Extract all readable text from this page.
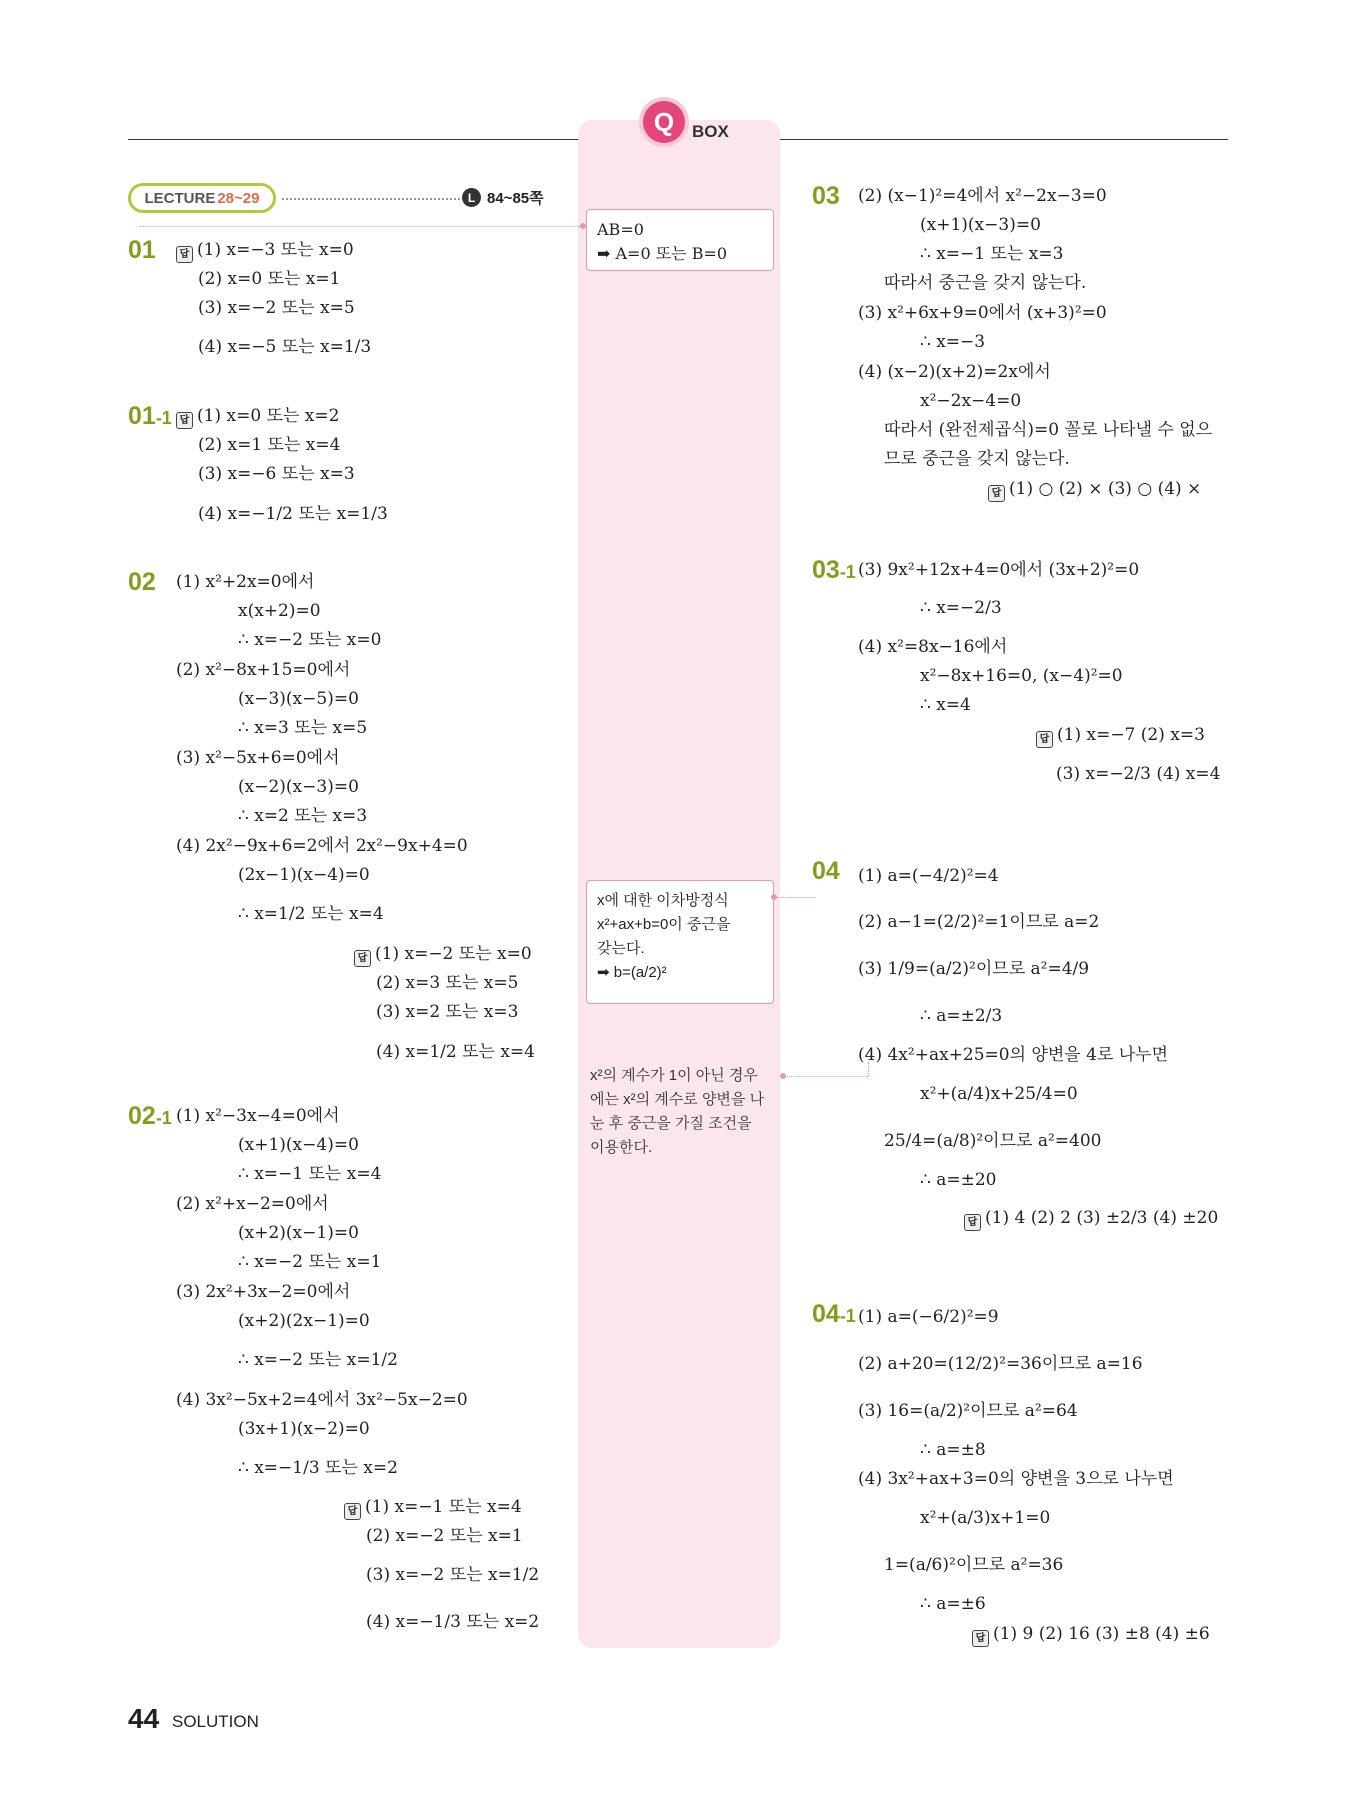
Q	BOX
LECTURE 28~29	L 84~85쪽
01	답 (1) x=−3 또는 x=0
(2) x=0 또는 x=1
(3) x=−2 또는 x=5
(4) x=−5 또는 x=1/3
01-1 답 (1) x=0 또는 x=2
(2) x=1 또는 x=4
(3) x=−6 또는 x=3
(4) x=−1/2 또는 x=1/3
02 (1) x²+2x=0에서
x(x+2)=0
∴ x=−2 또는 x=0
(2) x²−8x+15=0에서
(x−3)(x−5)=0
∴ x=3 또는 x=5
(3) x²−5x+6=0에서
(x−2)(x−3)=0
∴ x=2 또는 x=3
(4) 2x²−9x+6=2에서 2x²−9x+4=0
(2x−1)(x−4)=0
∴ x=1/2 또는 x=4
답 (1) x=−2 또는 x=0
(2) x=3 또는 x=5
(3) x=2 또는 x=3
(4) x=1/2 또는 x=4
02-1 (1) x²−3x−4=0에서
(x+1)(x−4)=0
∴ x=−1 또는 x=4
(2) x²+x−2=0에서
(x+2)(x−1)=0
∴ x=−2 또는 x=1
(3) 2x²+3x−2=0에서
(x+2)(2x−1)=0
∴ x=−2 또는 x=1/2
(4) 3x²−5x+2=4에서 3x²−5x−2=0
(3x+1)(x−2)=0
∴ x=−1/3 또는 x=2
답 (1) x=−1 또는 x=4
(2) x=−2 또는 x=1
(3) x=−2 또는 x=1/2
(4) x=−1/3 또는 x=2
AB=0
➡ A=0 또는 B=0
x에 대한 이차방정식
x²+ax+b=0이 중근을
갖는다.
➡ b=(a/2)²
x²의 계수가 1이 아닌 경우
에는 x²의 계수로 양변을 나
눈 후 중근을 가질 조건을
이용한다.
03 (2) (x−1)²=4에서 x²−2x−3=0
(x+1)(x−3)=0
∴ x=−1 또는 x=3
따라서 중근을 갖지 않는다.
(3) x²+6x+9=0에서 (x+3)²=0
∴ x=−3
(4) (x−2)(x+2)=2x에서
x²−2x−4=0
따라서 (완전제곱식)=0 꼴로 나타낼 수 없으
므로 중근을 갖지 않는다.
답 (1) ○ (2) × (3) ○ (4) ×
03-1 (3) 9x²+12x+4=0에서 (3x+2)²=0
∴ x=−2/3
(4) x²=8x−16에서
x²−8x+16=0, (x−4)²=0
∴ x=4
답 (1) x=−7 (2) x=3
(3) x=−2/3 (4) x=4
04 (1) a=(−4/2)²=4
(2) a−1=(2/2)²=1이므로 a=2
(3) 1/9=(a/2)²이므로 a²=4/9
∴ a=±2/3
(4) 4x²+ax+25=0의 양변을 4로 나누면
x²+(a/4)x+25/4=0
25/4=(a/8)²이므로 a²=400
∴ a=±20
답 (1) 4 (2) 2 (3) ±2/3 (4) ±20
04-1 (1) a=(−6/2)²=9
(2) a+20=(12/2)²=36이므로 a=16
(3) 16=(a/2)²이므로 a²=64
∴ a=±8
(4) 3x²+ax+3=0의 양변을 3으로 나누면
x²+(a/3)x+1=0
1=(a/6)²이므로 a²=36
∴ a=±6
답 (1) 9 (2) 16 (3) ±8 (4) ±6
44 SOLUTION
